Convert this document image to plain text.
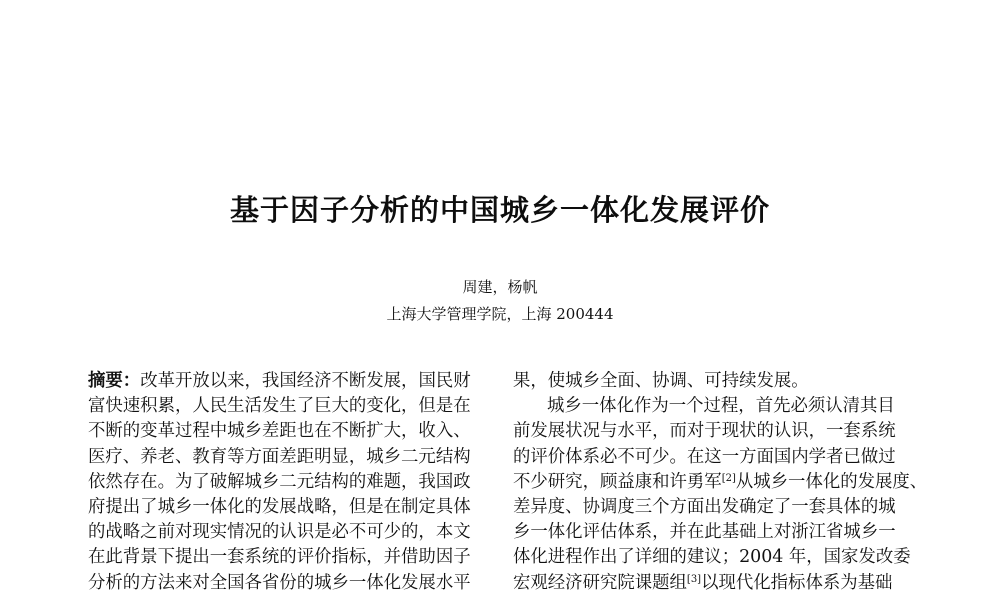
基于因子分析的中国城乡一体化发展评价
周建，杨帆
上海大学管理学院，上海 200444
摘要：改革开放以来，我国经济不断发展，国民财
富快速积累，人民生活发生了巨大的变化，但是在
不断的变革过程中城乡差距也在不断扩大，收入、
医疗、养老、教育等方面差距明显，城乡二元结构
依然存在。为了破解城乡二元结构的难题，我国政
府提出了城乡一体化的发展战略，但是在制定具体
的战略之前对现实情况的认识是必不可少的，本文
在此背景下提出一套系统的评价指标，并借助因子
分析的方法来对全国各省份的城乡一体化发展水平
果，使城乡全面、协调、可持续发展。
城乡一体化作为一个过程，首先必须认清其目
前发展状况与水平，而对于现状的认识，一套系统
的评价体系必不可少。在这一方面国内学者已做过
不少研究，顾益康和许勇军[2]从城乡一体化的发展度、
差异度、协调度三个方面出发确定了一套具体的城
乡一体化评估体系，并在此基础上对浙江省城乡一
体化进程作出了详细的建议；2004 年，国家发改委
宏观经济研究院课题组[3]以现代化指标体系为基础
